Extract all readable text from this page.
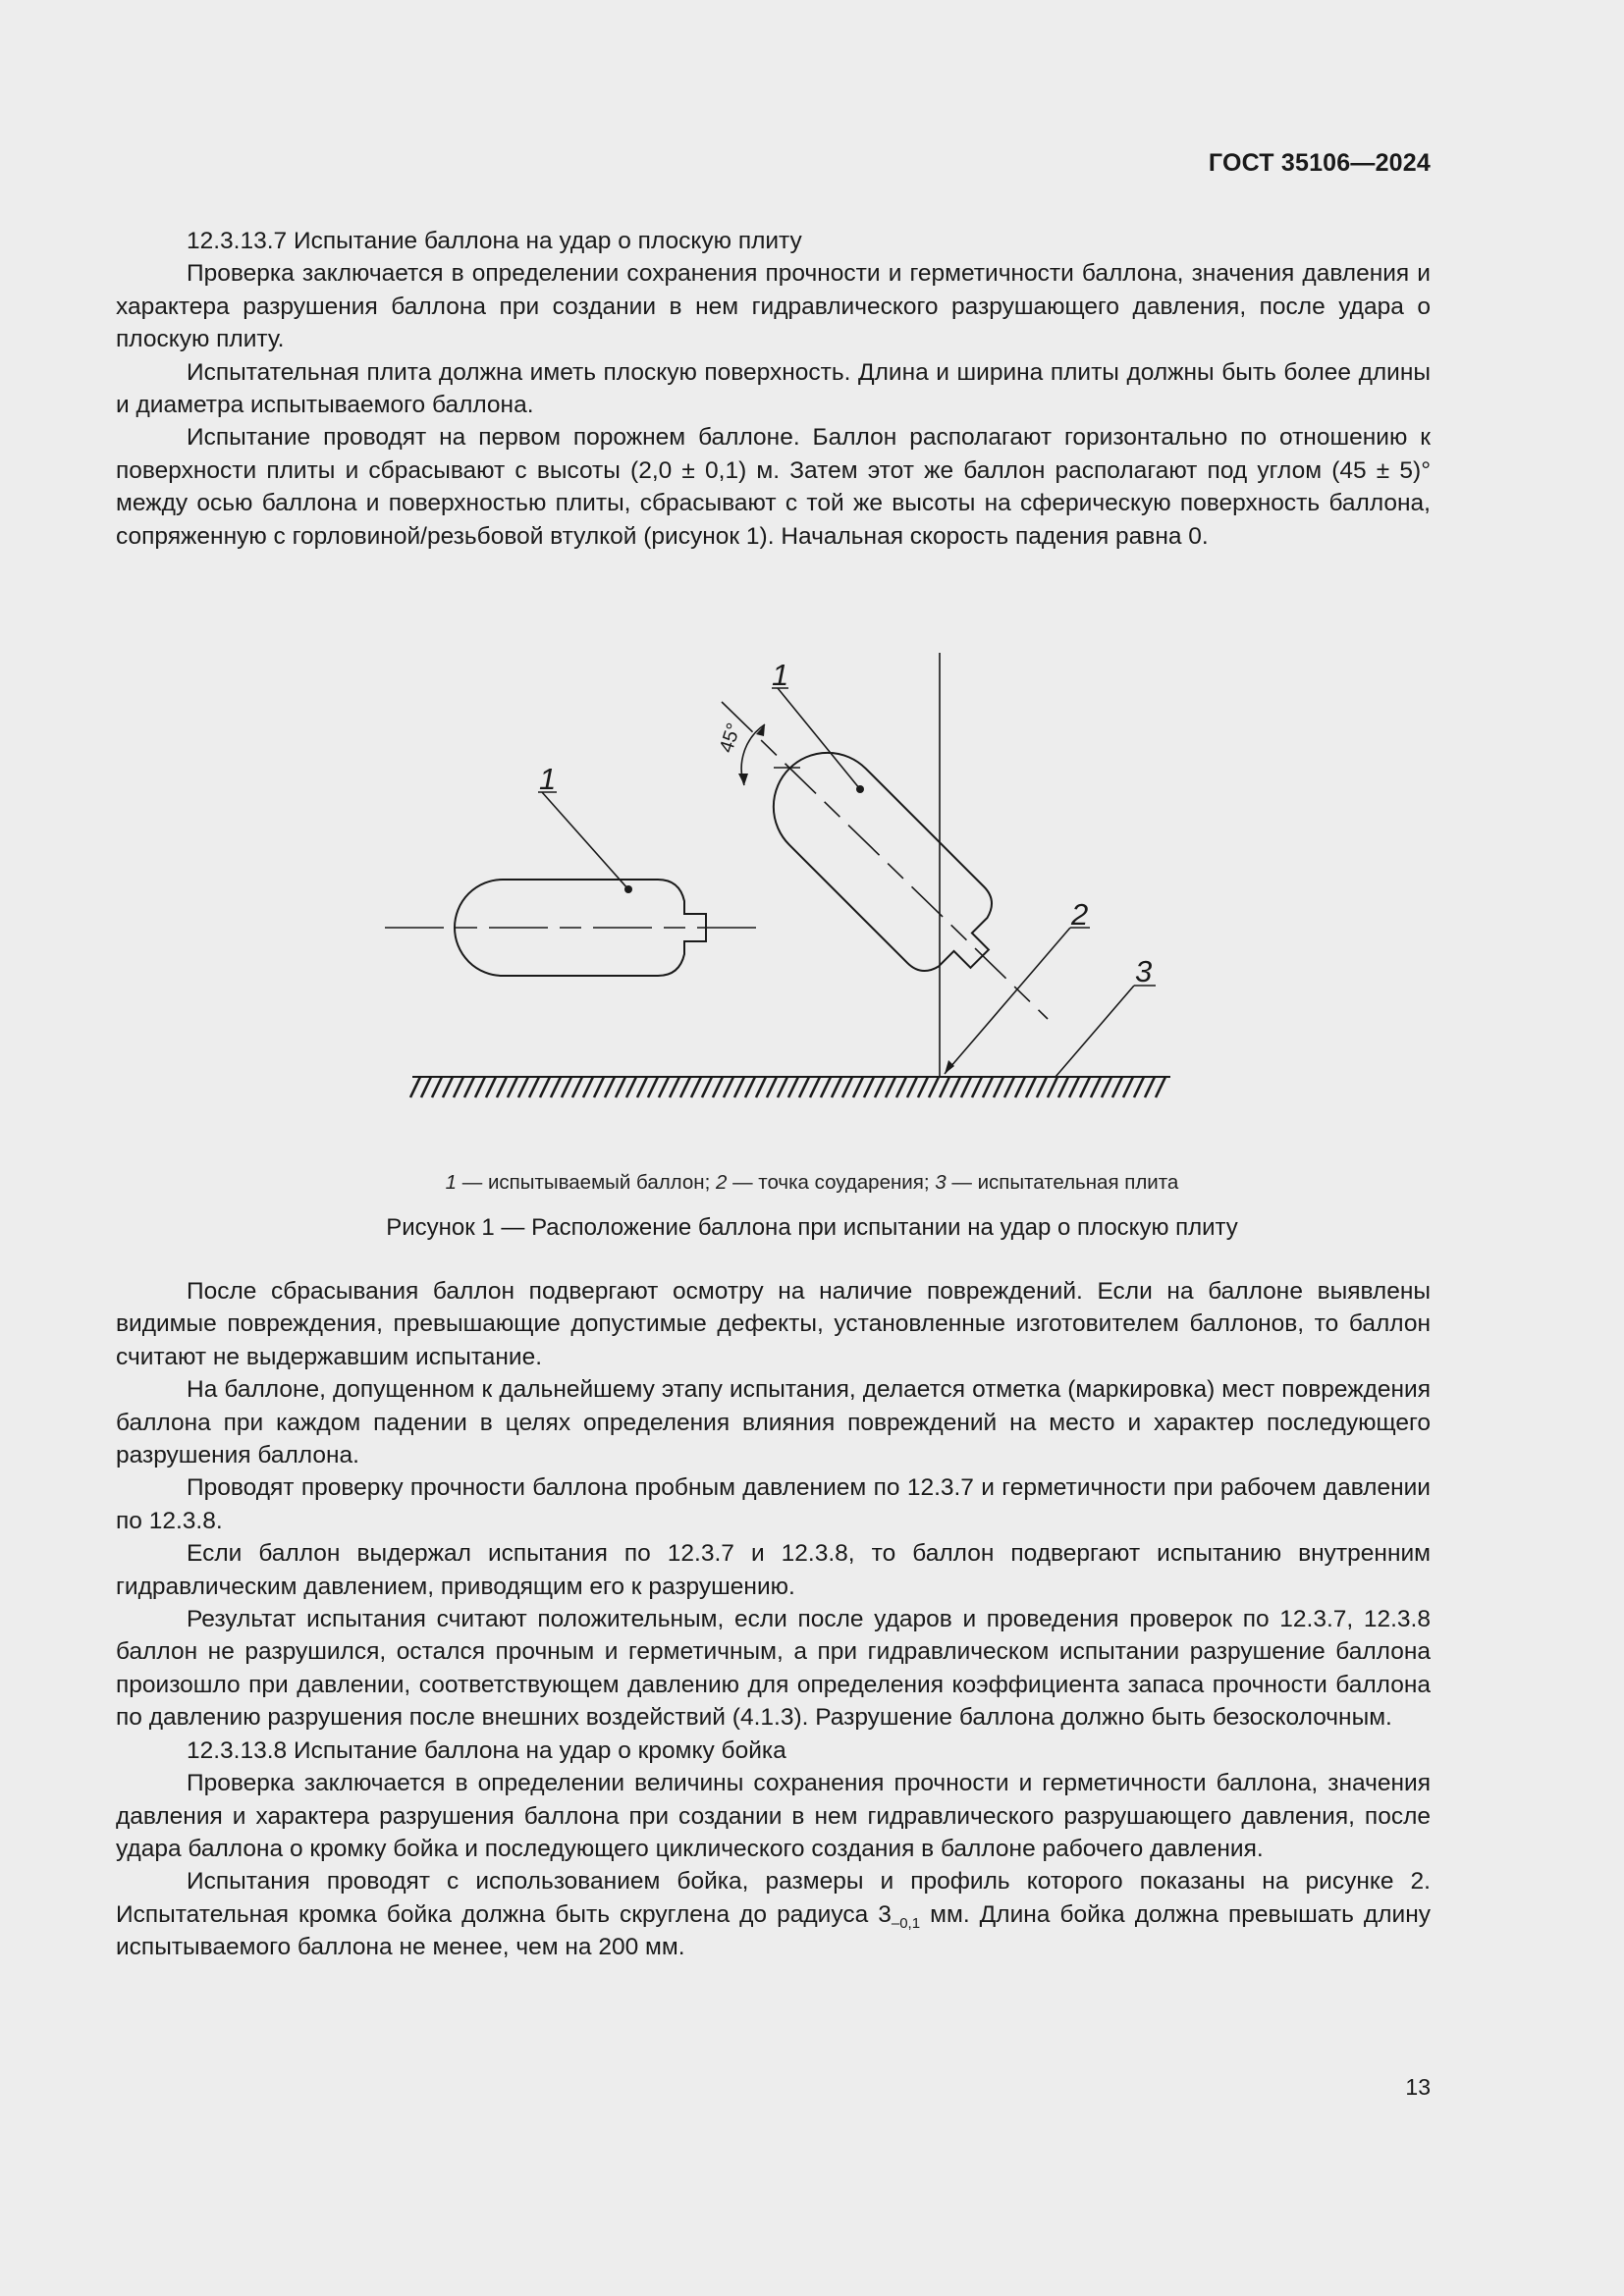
ГОСТ 35106—2024

12.3.13.7 Испытание баллона на удар о плоскую плиту

Проверка заключается в определении сохранения прочности и герметичности баллона, значения давления и характера разрушения баллона при создании в нем гидравлического разрушающего давления, после удара о плоскую плиту.

Испытательная плита должна иметь плоскую поверхность. Длина и ширина плиты должны быть более длины и диаметра испытываемого баллона.

Испытание проводят на первом порожнем баллоне. Баллон располагают горизонтально по отношению к поверхности плиты и сбрасывают с высоты (2,0 ± 0,1) м. Затем этот же баллон располагают под углом (45 ± 5)° между осью баллона и поверхностью плиты, сбрасывают с той же высоты на сферическую поверхность баллона, сопряженную с горловиной/резьбовой втулкой (рисунок 1). Начальная скорость падения равна 0.

1
1
2
3
45°
1 — испытываемый баллон; 2 — точка соударения; 3 — испытательная плита
Рисунок 1 — Расположение баллона при испытании на удар о плоскую плиту

После сбрасывания баллон подвергают осмотру на наличие повреждений. Если на баллоне выявлены видимые повреждения, превышающие допустимые дефекты, установленные изготовителем баллонов, то баллон считают не выдержавшим испытание.

На баллоне, допущенном к дальнейшему этапу испытания, делается отметка (маркировка) мест повреждения баллона при каждом падении в целях определения влияния повреждений на место и характер последующего разрушения баллона.

Проводят проверку прочности баллона пробным давлением по 12.3.7 и герметичности при рабочем давлении по 12.3.8.

Если баллон выдержал испытания по 12.3.7 и 12.3.8, то баллон подвергают испытанию внутренним гидравлическим давлением, приводящим его к разрушению.

Результат испытания считают положительным, если после ударов и проведения проверок по 12.3.7, 12.3.8 баллон не разрушился, остался прочным и герметичным, а при гидравлическом испытании разрушение баллона произошло при давлении, соответствующем давлению для определения коэффициента запаса прочности баллона по давлению разрушения после внешних воздействий (4.1.3). Разрушение баллона должно быть безосколочным.

12.3.13.8 Испытание баллона на удар о кромку бойка

Проверка заключается в определении величины сохранения прочности и герметичности баллона, значения давления и характера разрушения баллона при создании в нем гидравлического разрушающего давления, после удара баллона о кромку бойка и последующего циклического создания в баллоне рабочего давления.

Испытания проводят с использованием бойка, размеры и профиль которого показаны на рисунке 2. Испытательная кромка бойка должна быть скруглена до радиуса $3_{-0,1}$ мм. Длина бойка должна превышать длину испытываемого баллона не менее, чем на 200 мм.

13
